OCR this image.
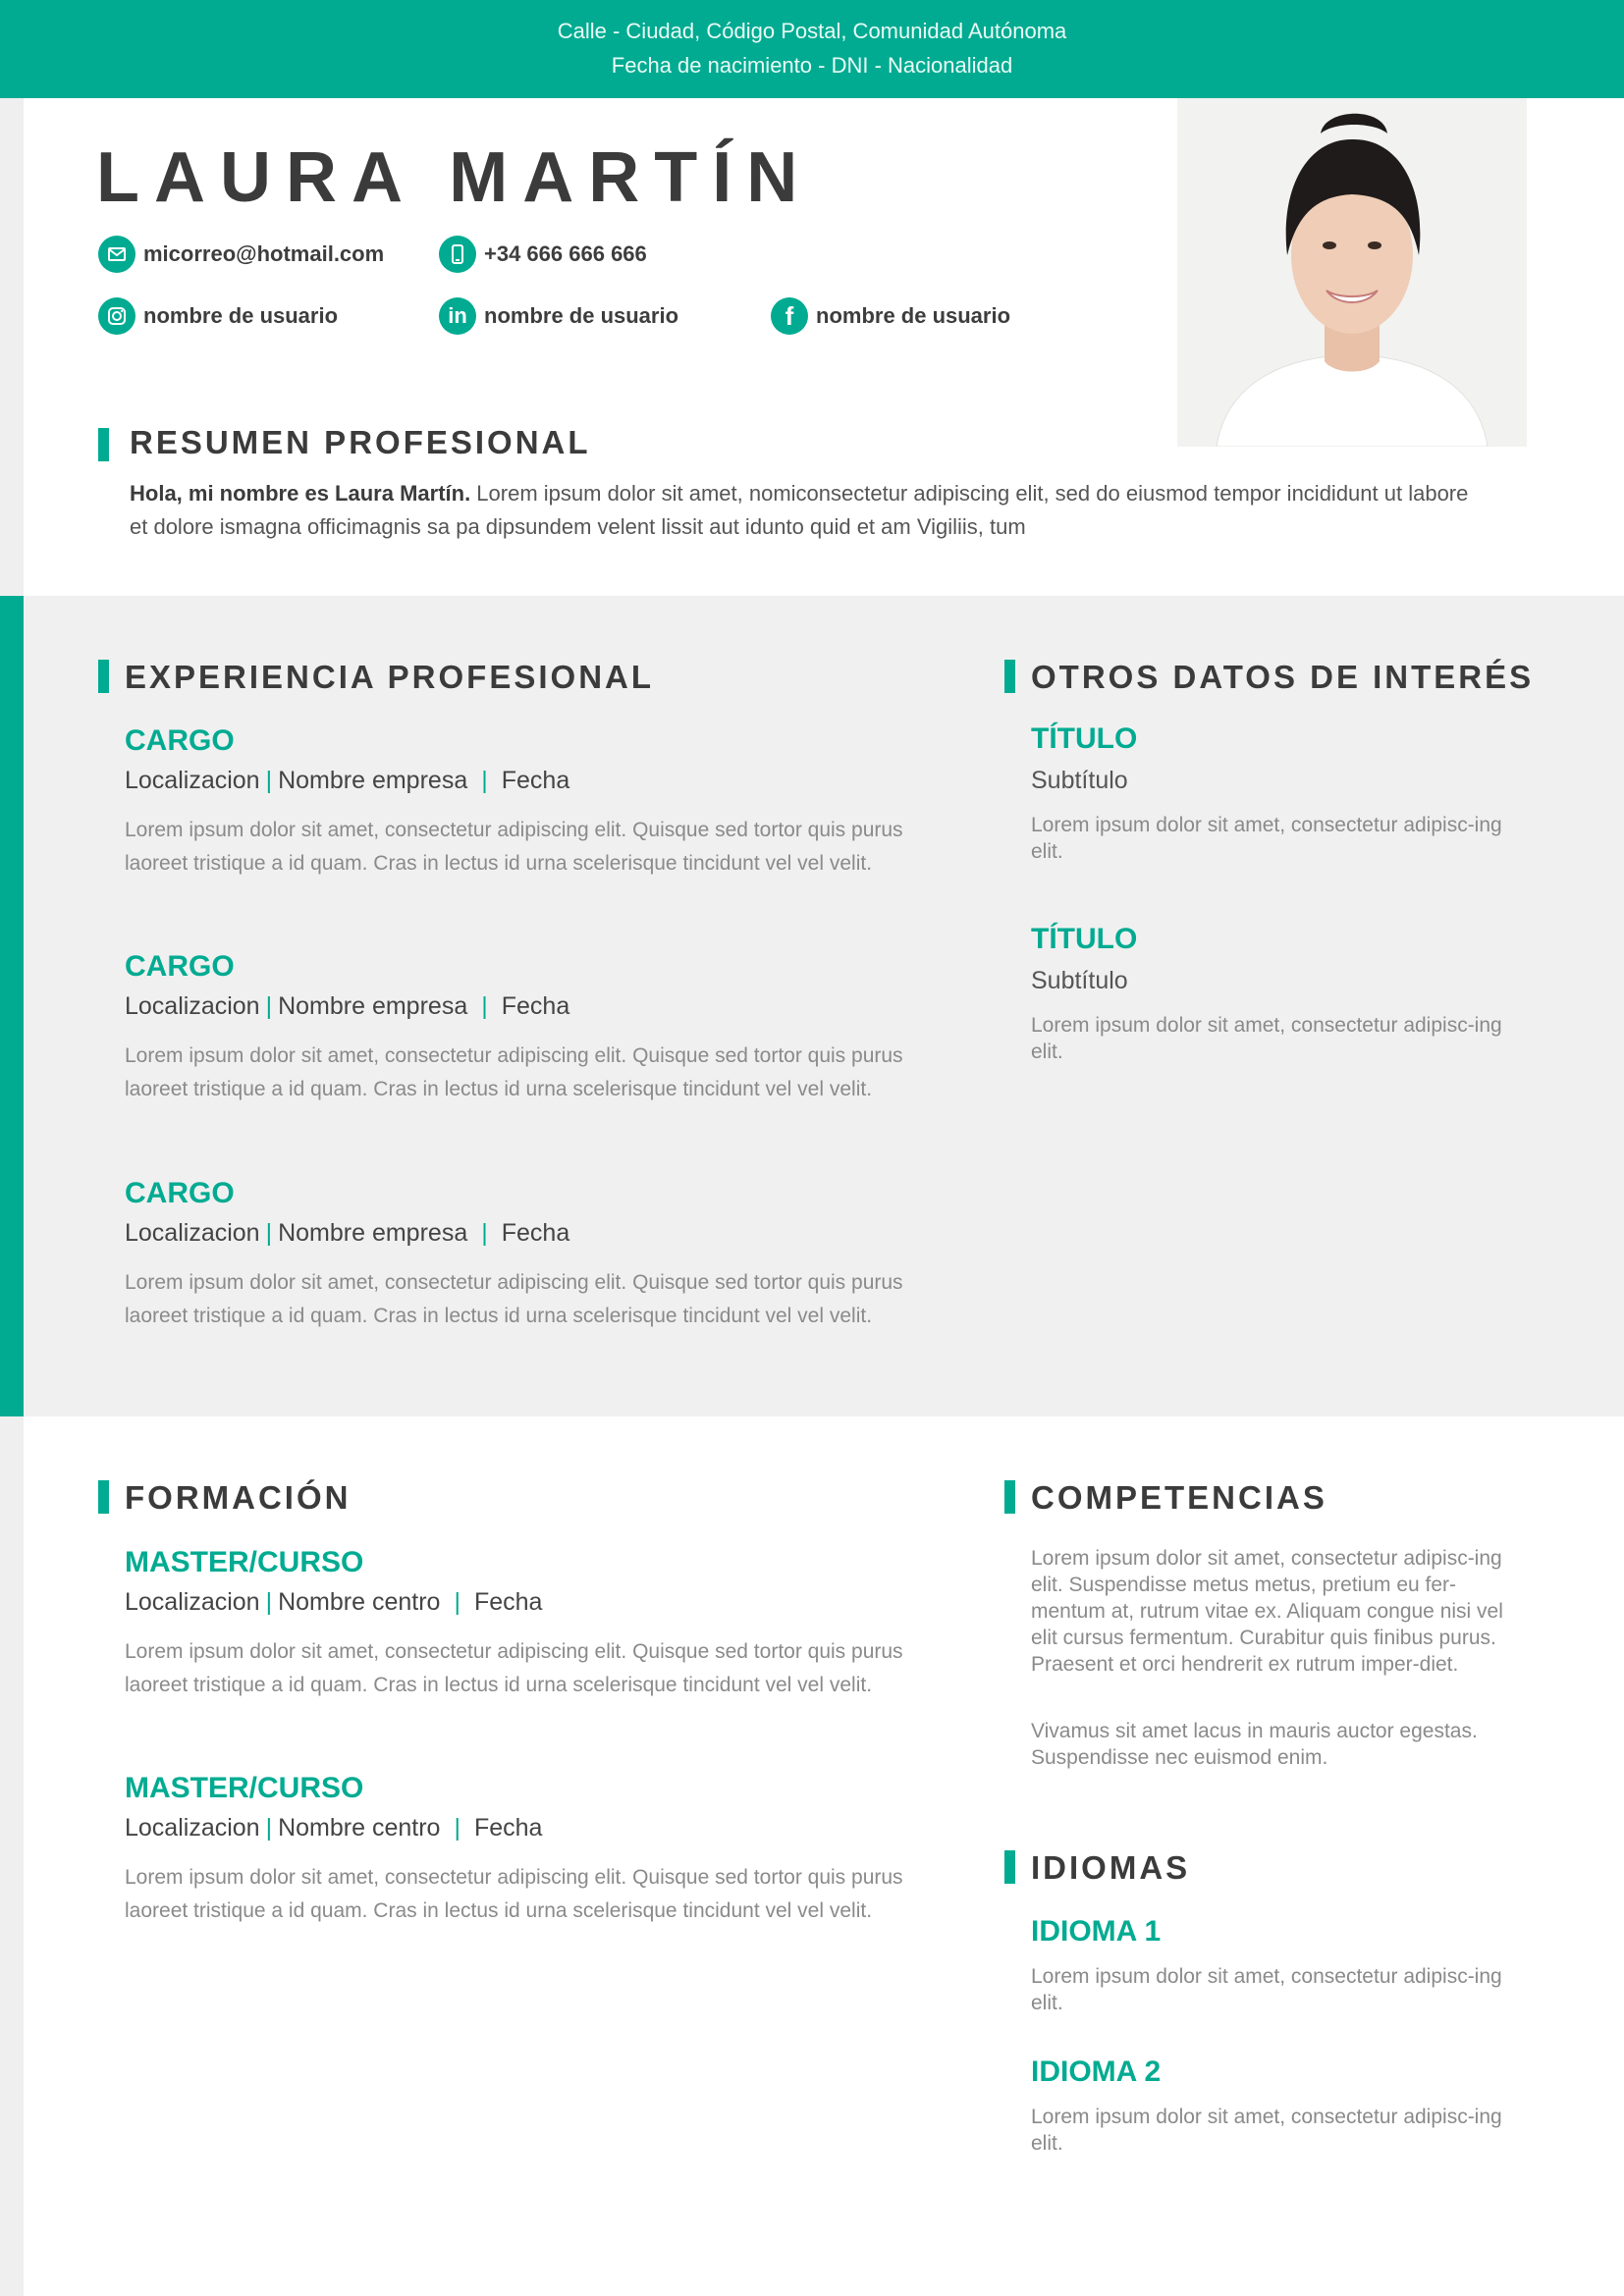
Calle - Ciudad, Código Postal, Comunidad Autónoma
Fecha de nacimiento - DNI - Nacionalidad
LAURA MARTÍN
micorreo@hotmail.com	+34 666 666 666
nombre de usuario	in nombre de usuario	f	nombre de usuario
RESUMEN PROFESIONAL
Hola, mi nombre es Laura Martín. Lorem ipsum dolor sit amet, nomiconsectetur adipiscing elit, sed do eiusmod tempor incididunt ut labore et dolore ismagna officimagnis sa pa dipsundem velent lissit aut idunto quid et am Vigiliis, tum
EXPERIENCIA PROFESIONAL
CARGO
Localizacion | Nombre empresa | Fecha
Lorem ipsum dolor sit amet, consectetur adipiscing elit. Quisque sed tortor quis purus laoreet tristique a id quam. Cras in lectus id urna scelerisque tincidunt vel vel velit.
CARGO
Localizacion | Nombre empresa | Fecha
Lorem ipsum dolor sit amet, consectetur adipiscing elit. Quisque sed tortor quis purus laoreet tristique a id quam. Cras in lectus id urna scelerisque tincidunt vel vel velit.
CARGO
Localizacion | Nombre empresa | Fecha
Lorem ipsum dolor sit amet, consectetur adipiscing elit. Quisque sed tortor quis purus laoreet tristique a id quam. Cras in lectus id urna scelerisque tincidunt vel vel velit.
OTROS DATOS DE INTERÉS
TÍTULO
Subtítulo
Lorem ipsum dolor sit amet, consectetur adipisc-ing elit.
TÍTULO
Subtítulo
Lorem ipsum dolor sit amet, consectetur adipisc-ing elit.
FORMACIÓN
MASTER/CURSO
Localizacion | Nombre centro | Fecha
Lorem ipsum dolor sit amet, consectetur adipiscing elit. Quisque sed tortor quis purus laoreet tristique a id quam. Cras in lectus id urna scelerisque tincidunt vel vel velit.
MASTER/CURSO
Localizacion | Nombre centro | Fecha
Lorem ipsum dolor sit amet, consectetur adipiscing elit. Quisque sed tortor quis purus laoreet tristique a id quam. Cras in lectus id urna scelerisque tincidunt vel vel velit.
COMPETENCIAS
Lorem ipsum dolor sit amet, consectetur adipisc-ing elit. Suspendisse metus metus, pretium eu fer-mentum at, rutrum vitae ex. Aliquam congue nisi vel elit cursus fermentum. Curabitur quis finibus purus. Praesent et orci hendrerit ex rutrum imper-diet.
Vivamus sit amet lacus in mauris auctor egestas. Suspendisse nec euismod enim.
IDIOMAS
IDIOMA 1
Lorem ipsum dolor sit amet, consectetur adipisc-ing elit.
IDIOMA 2
Lorem ipsum dolor sit amet, consectetur adipisc-ing elit.
